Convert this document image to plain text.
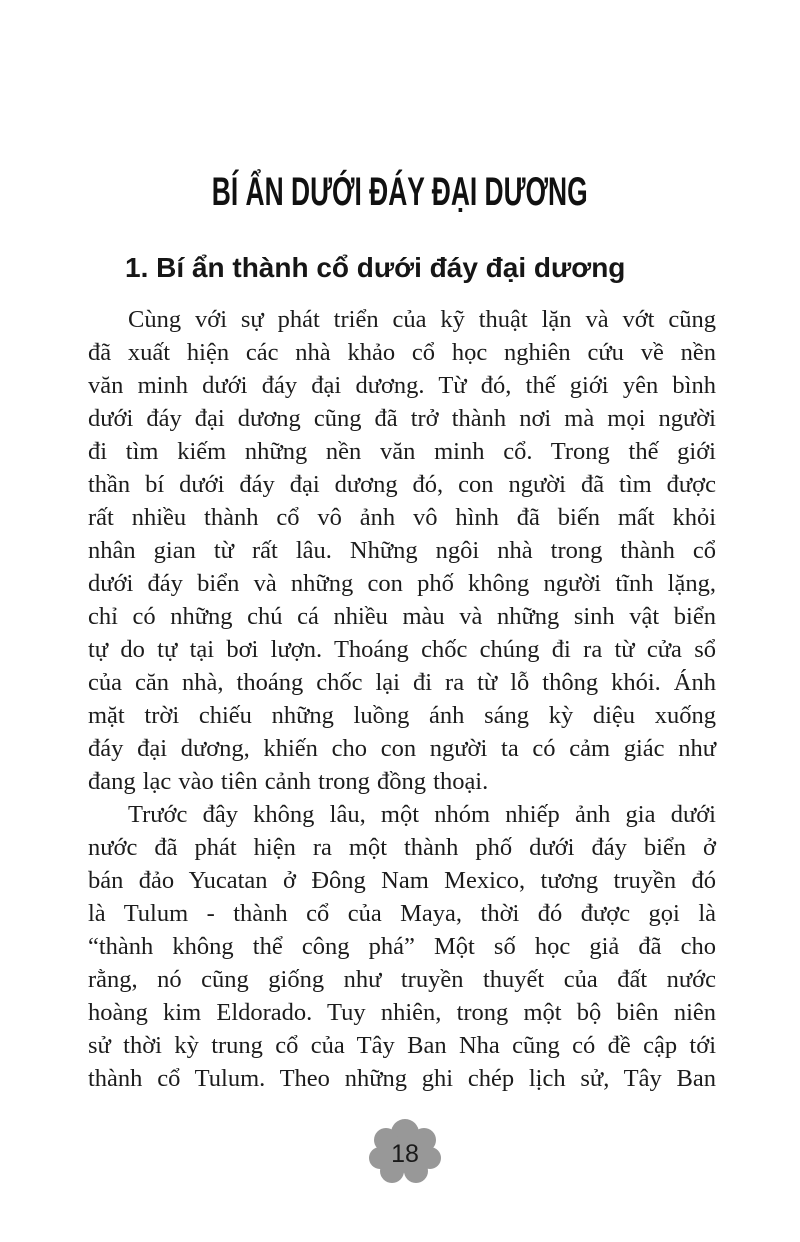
BÍ ẨN DƯỚI ĐÁY ĐẠI DƯƠNG
1. Bí ẩn thành cổ dưới đáy đại dương
Cùng với sự phát triển của kỹ thuật lặn và vớt cũng
đã xuất hiện các nhà khảo cổ học nghiên cứu về nền
văn minh dưới đáy đại dương. Từ đó, thế giới yên bình
dưới đáy đại dương cũng đã trở thành nơi mà mọi người
đi tìm kiếm những nền văn minh cổ. Trong thế giới
thần bí dưới đáy đại dương đó, con người đã tìm được
rất nhiều thành cổ vô ảnh vô hình đã biến mất khỏi
nhân gian từ rất lâu. Những ngôi nhà trong thành cổ
dưới đáy biển và những con phố không người tĩnh lặng,
chỉ có những chú cá nhiều màu và những sinh vật biển
tự do tự tại bơi lượn. Thoáng chốc chúng đi ra từ cửa sổ
của căn nhà, thoáng chốc lại đi ra từ lỗ thông khói. Ánh
mặt trời chiếu những luồng ánh sáng kỳ diệu xuống
đáy đại dương, khiến cho con người ta có cảm giác như
đang lạc vào tiên cảnh trong đồng thoại.
Trước đây không lâu, một nhóm nhiếp ảnh gia dưới
nước đã phát hiện ra một thành phố dưới đáy biển ở
bán đảo Yucatan ở Đông Nam Mexico, tương truyền đó
là Tulum - thành cổ của Maya, thời đó được gọi là
“thành không thể công phá” Một số học giả đã cho
rằng, nó cũng giống như truyền thuyết của đất nước
hoàng kim Eldorado. Tuy nhiên, trong một bộ biên niên
sử thời kỳ trung cổ của Tây Ban Nha cũng có đề cập tới
thành cổ Tulum. Theo những ghi chép lịch sử, Tây Ban
18
